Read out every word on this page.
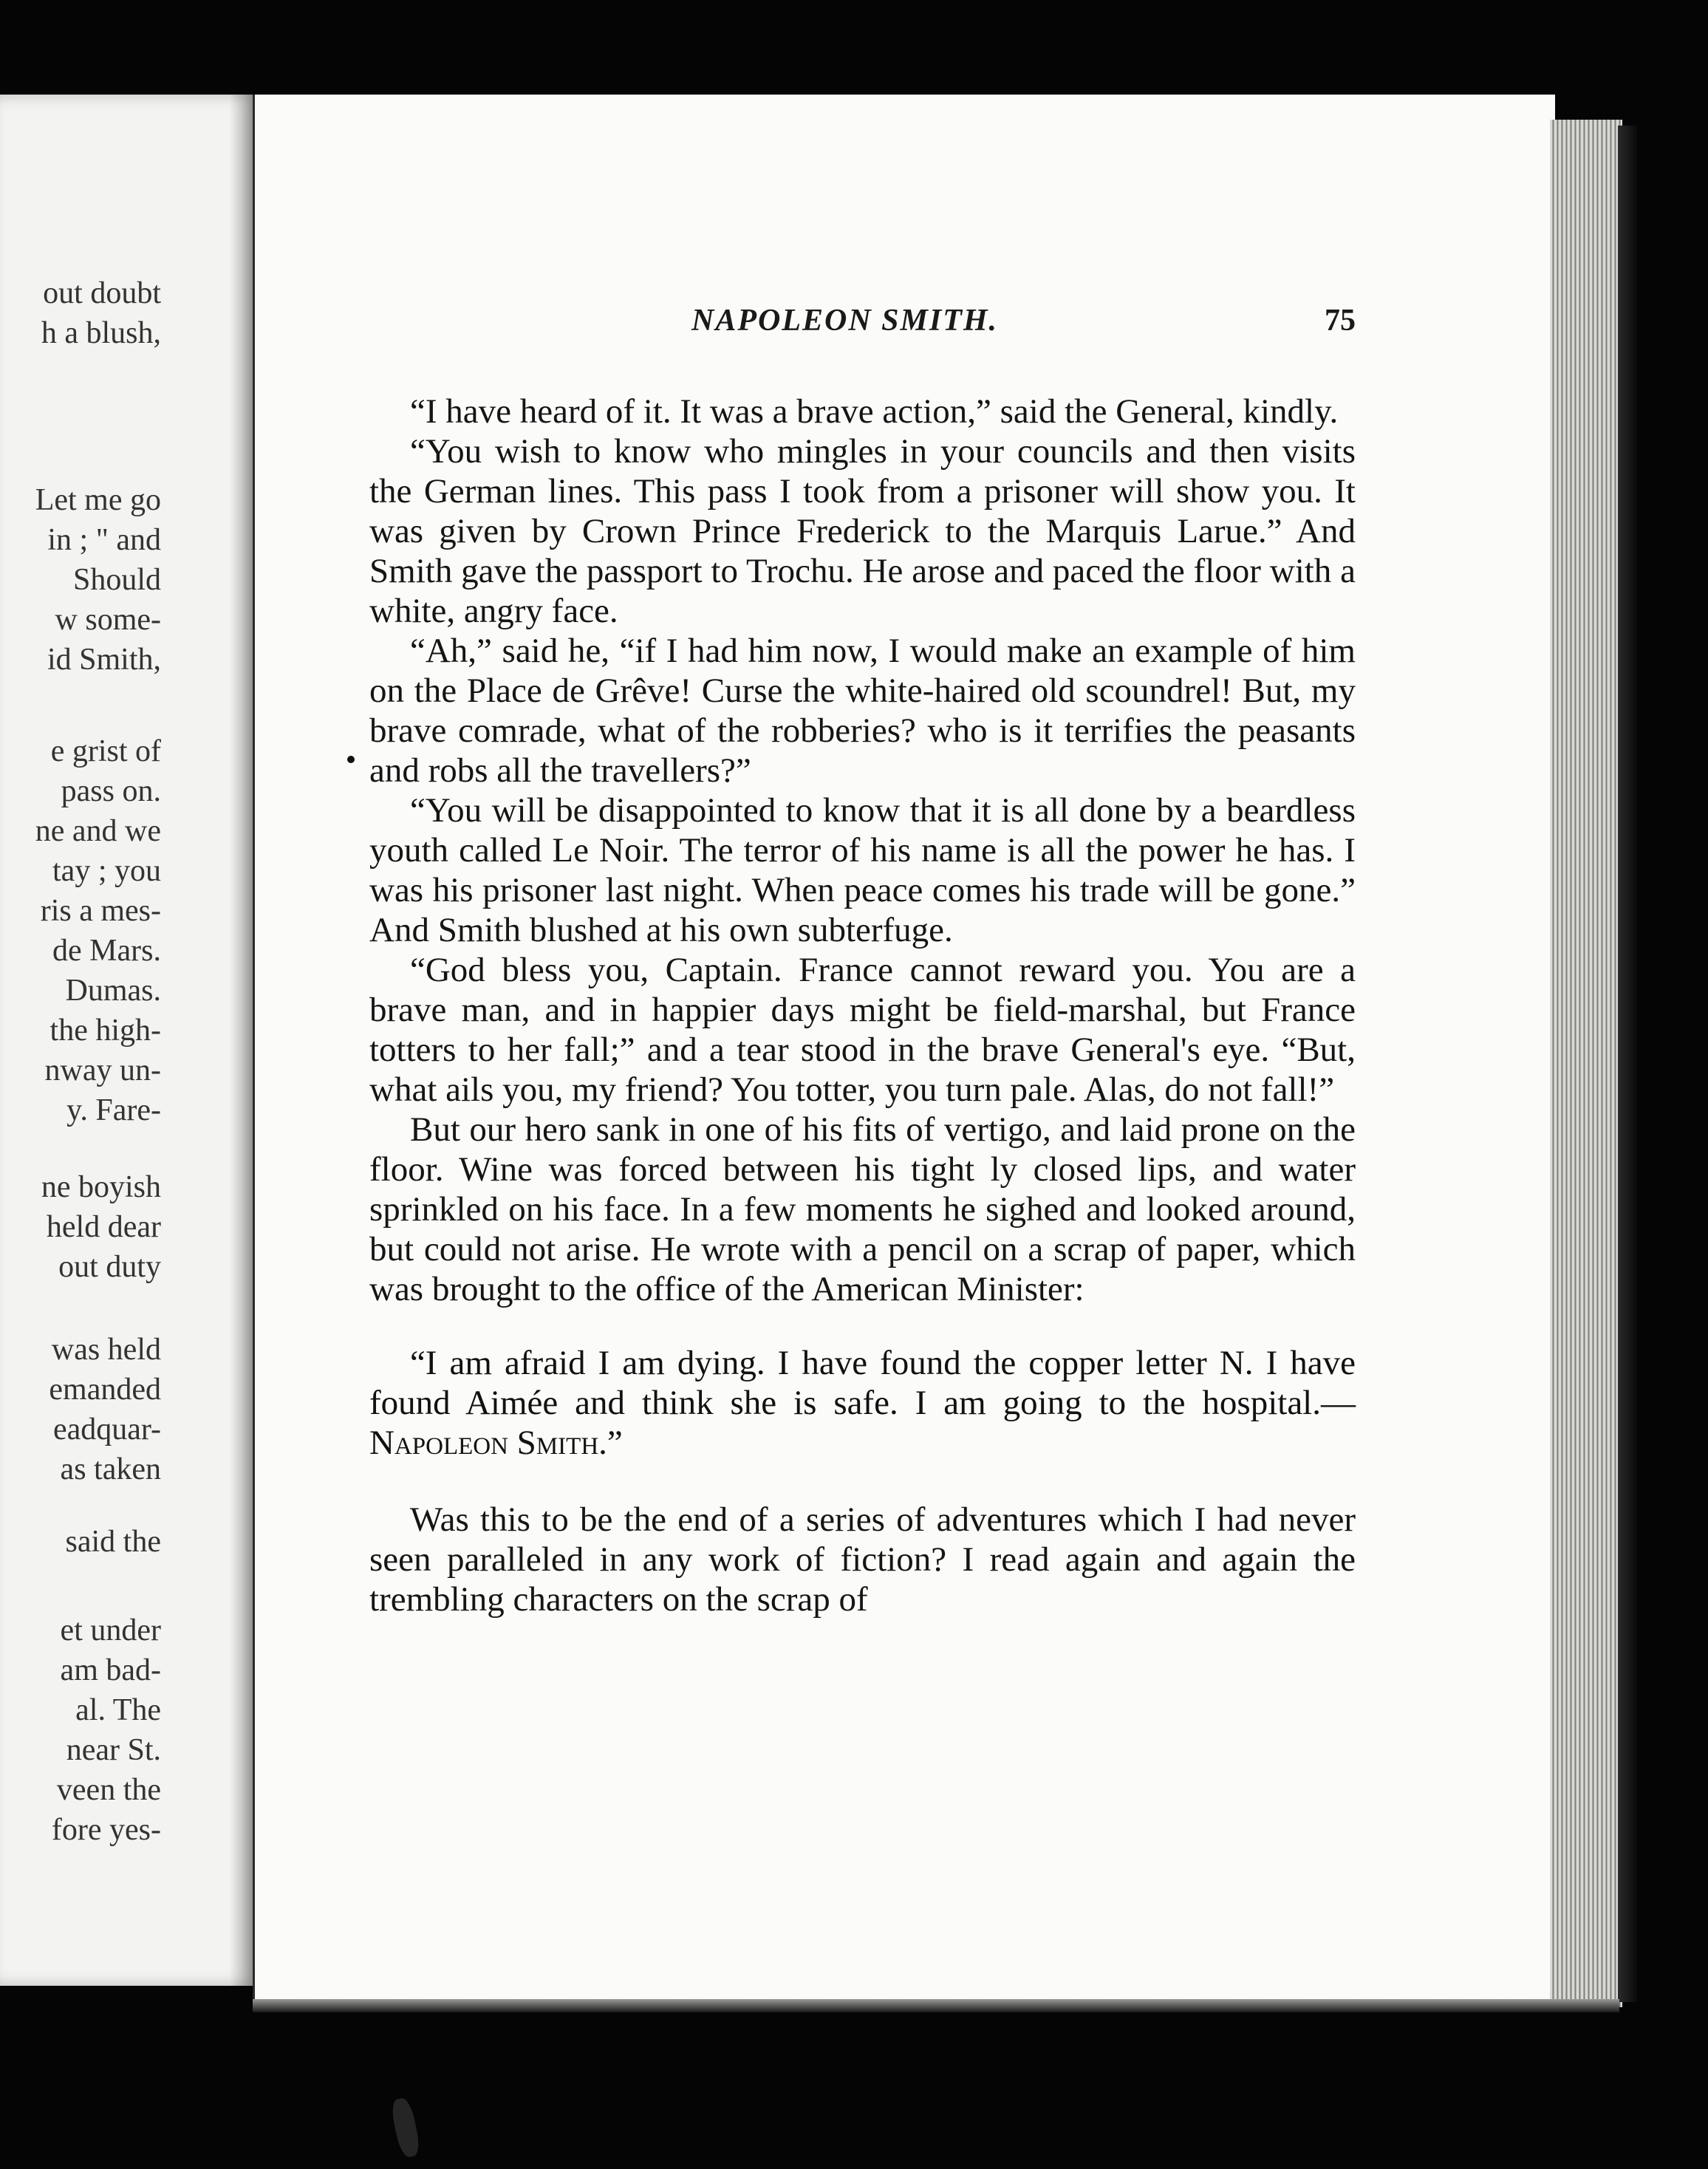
out doubt
h a blush,
Let me go
in ; " and
Should
w some-
id Smith,
e grist of
pass on.
ne and we
tay ; you
ris a mes-
de Mars.
Dumas.
the high-
nway un-
y. Fare-
ne boyish
held dear
out duty
was held
emanded
eadquar-
as taken
said the
et under
am bad-
al. The
near St.
veen the
fore yes-
NAPOLEON SMITH.	75

“I have heard of it. It was a brave action,” said the General, kindly.

“You wish to know who mingles in your councils and then visits the German lines. This pass I took from a prisoner will show you. It was given by Crown Prince Frederick to the Marquis Larue.” And Smith gave the passport to Trochu. He arose and paced the floor with a white, angry face.

“Ah,” said he, “if I had him now, I would make an example of him on the Place de Grêve! Curse the white-haired old scoundrel! But, my brave comrade, what of the robberies? who is it terrifies the peasants and robs all the travellers?”

“You will be disappointed to know that it is all done by a beardless youth called Le Noir. The terror of his name is all the power he has. I was his prisoner last night. When peace comes his trade will be gone.” And Smith blushed at his own subterfuge.

“God bless you, Captain. France cannot reward you. You are a brave man, and in happier days might be field-marshal, but France totters to her fall;” and a tear stood in the brave General's eye. “But, what ails you, my friend? You totter, you turn pale. Alas, do not fall!”

But our hero sank in one of his fits of vertigo, and laid prone on the floor. Wine was forced between his tight ly closed lips, and water sprinkled on his face. In a few moments he sighed and looked around, but could not arise. He wrote with a pencil on a scrap of paper, which was brought to the office of the American Minister:

“I am afraid I am dying. I have found the copper letter N. I have found Aimée and think she is safe. I am going to the hospital.—Napoleon Smith.”

Was this to be the end of a series of adventures which I had never seen paralleled in any work of fiction? I read again and again the trembling characters on the scrap of
